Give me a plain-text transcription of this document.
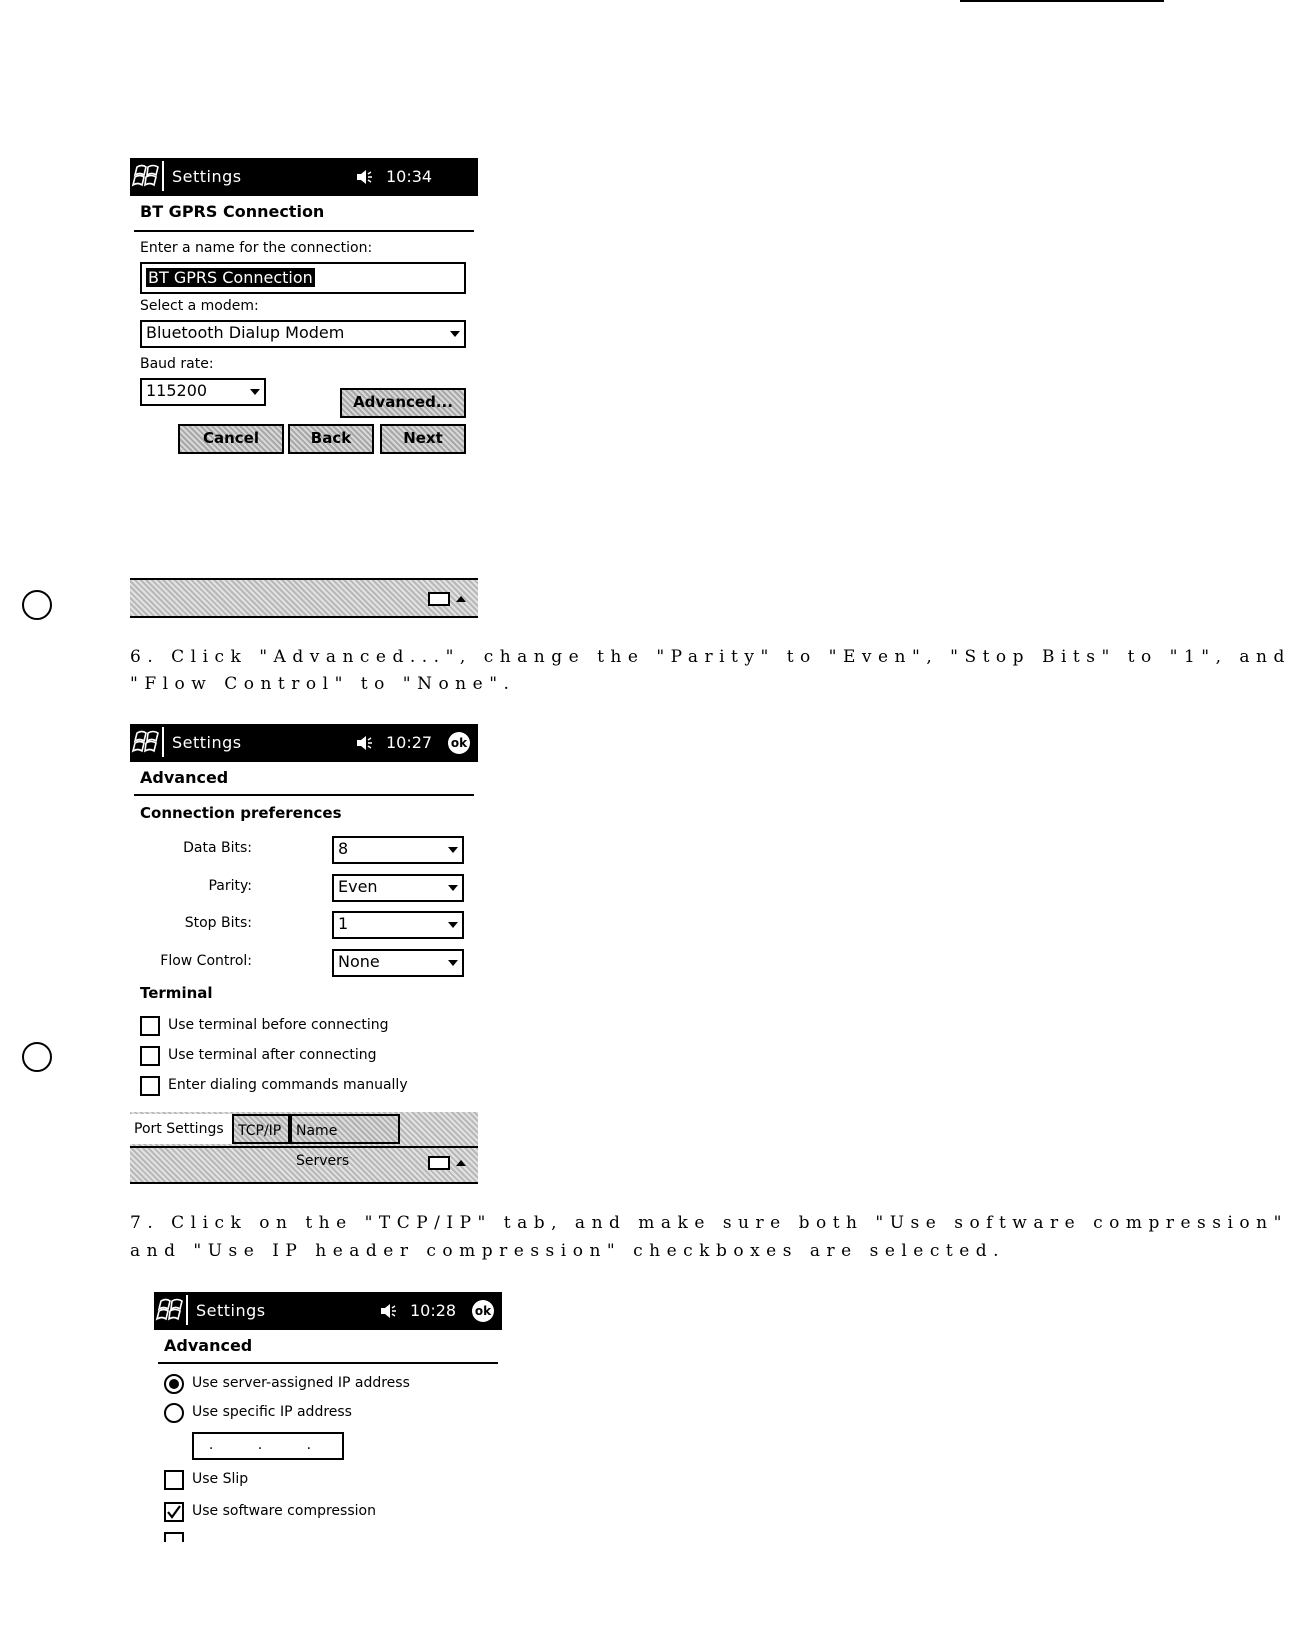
Settings	10:34
BT GPRS Connection
Enter a name for the connection:
BT GPRS Connection
Select a modem:
Bluetooth Dialup Modem
Baud rate:
115200
Advanced...
Cancel	Back	Next
6. Click "Advanced...", change the "Parity" to "Even", "Stop Bits" to "1", and
"Flow Control" to "None".
Settings	10:27 ok
Advanced
Connection preferences
Data Bits:	8
Parity:	Even
Stop Bits:	1
Flow Control:	None
Terminal
Use terminal before connecting
Use terminal after connecting
Enter dialing commands manually
Port Settings	TCP/IP	Name Servers
7. Click on the "TCP/IP" tab, and make sure both "Use software compression"
and "Use IP header compression" checkboxes are selected.
Settings	10:28 ok
Advanced
Use server-assigned IP address
Use specific IP address
. . .
Use Slip
Use software compression
